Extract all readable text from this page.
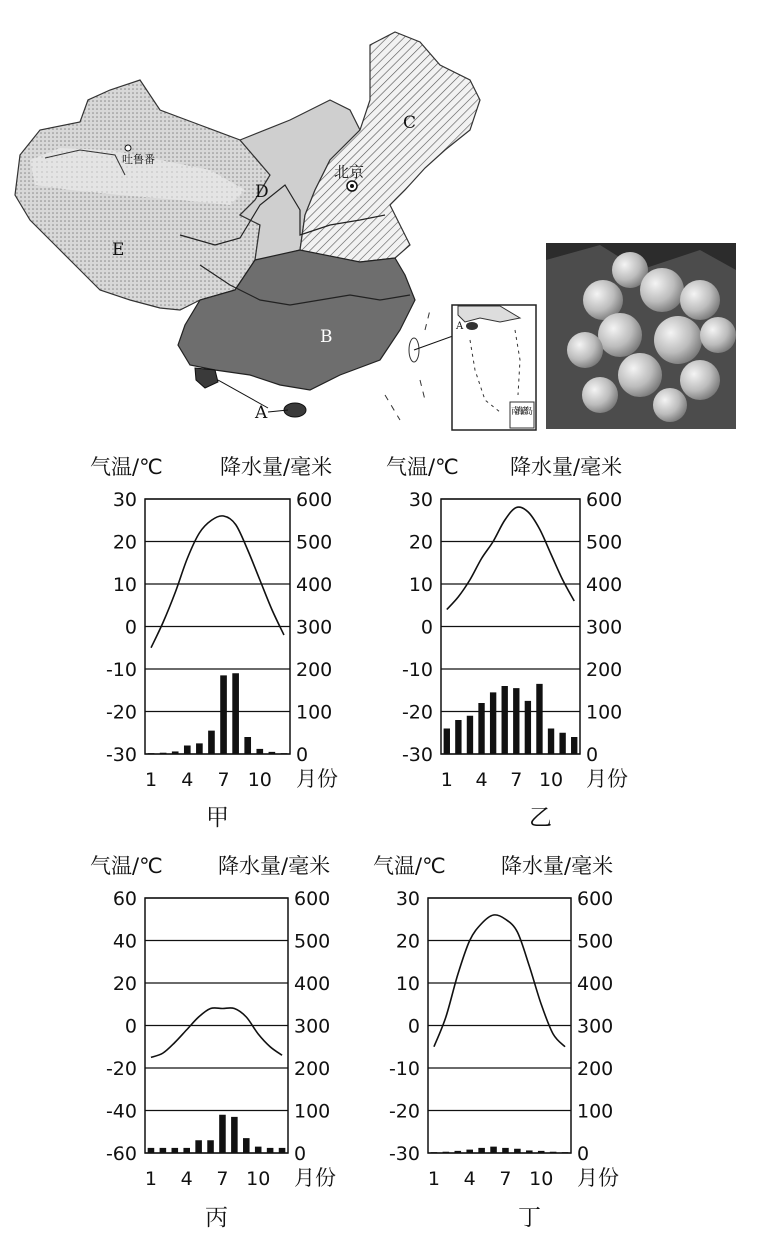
C
D
E
B
A
吐鲁番
北京
A
南海诸岛
气温/℃	降水量/毫米
30
20
10
0
-10
-20
-30
600
500
400
300
200
100
0
1 4 7 10 月份
甲
气温/℃ 降水量/毫米
30
20
10
0
-10
-20
-30
600
500
400
300
200
100
0
1 4 7 10 月份
乙
气温/℃	降水量/毫米
60
40
20
0
-20
-40
-60
600
500
400
300
200
100
0
1 4 7 10 月份
丙
气温/℃	降水量/毫米
30
20
10
0
-10
-20
-30
600
500
400
300
200
100
0
1 4 7 10 月份
丁
